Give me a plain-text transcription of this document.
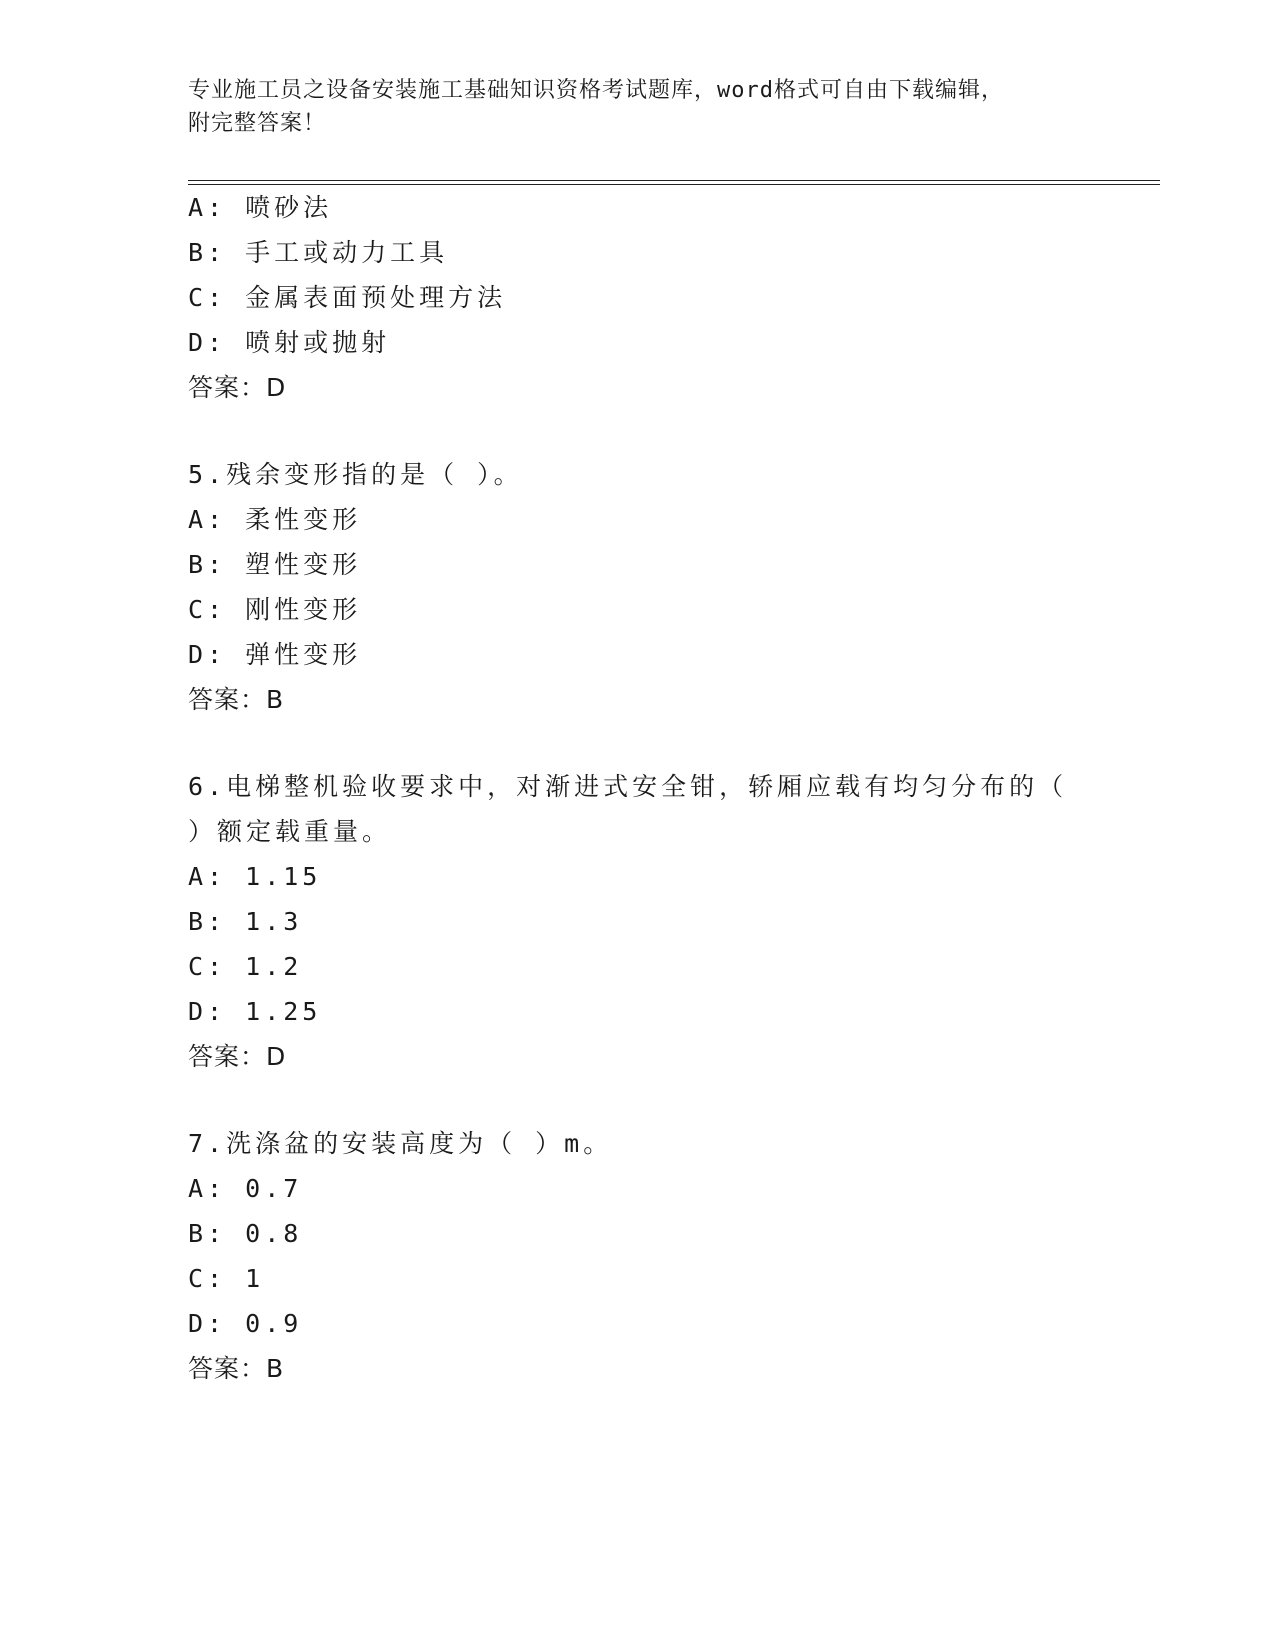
专业施工员之设备安装施工基础知识资格考试题库，word格式可自由下载编辑，
附完整答案！
A: 喷砂法
B: 手工或动力工具
C: 金属表面预处理方法
D: 喷射或抛射
答案：D
5.残余变形指的是（ ）。
A: 柔性变形
B: 塑性变形
C: 刚性变形
D: 弹性变形
答案：B
6.电梯整机验收要求中，对渐进式安全钳，轿厢应载有均匀分布的（
）额定载重量。
A: 1.15
B: 1.3
C: 1.2
D: 1.25
答案：D
7.洗涤盆的安装高度为（ ）m。
A: 0.7
B: 0.8
C: 1
D: 0.9
答案：B
